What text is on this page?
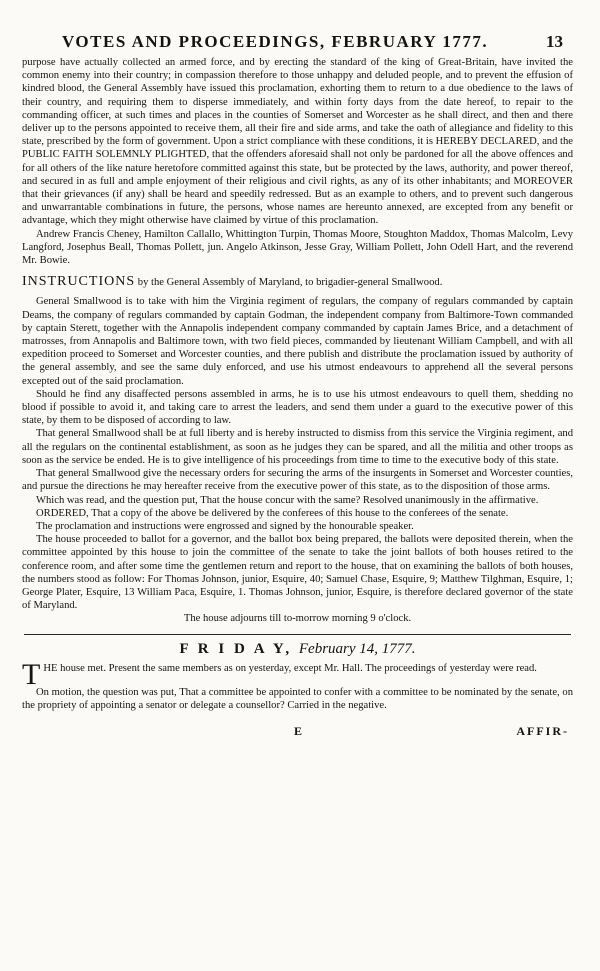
VOTES AND PROCEEDINGS, FEBRUARY 1777.	13

purpose have actually collected an armed force, and by erecting the standard of the king of Great-Britain, have invited the common enemy into their country; in compassion therefore to those unhappy and deluded people, and to prevent the effusion of kindred blood, the General Assembly have issued this proclamation, exhorting them to return to a due obedience to the laws of their country, and requiring them to disperse immediately, and within forty days from the date hereof, to repair to the commanding officer, at such times and places in the counties of Somerset and Worcester as he shall direct, and then and there deliver up to the persons appointed to receive them, all their fire and side arms, and take the oath of allegiance and fidelity to this state, prescribed by the form of government. Upon a strict compliance with these conditions, it is HEREBY DECLARED, and the PUBLIC FAITH SOLEMNLY PLIGHTED, that the offenders aforesaid shall not only be pardoned for all the above offences and for all others of the like nature heretofore committed against this state, but be protected by the laws, authority, and power thereof, and secured in as full and ample enjoyment of their religious and civil rights, as any of its other inhabitants; and MOREOVER that their grievances (if any) shall be heard and speedily redressed. But as an example to others, and to prevent such dangerous and unwarrantable combinations in future, the persons, whose names are hereunto annexed, are excepted from any benefit or advantage, which they might otherwise have claimed by virtue of this proclamation.

Andrew Francis Cheney, Hamilton Callallo, Whittington Turpin, Thomas Moore, Stoughton Maddox, Thomas Malcolm, Levy Langford, Josephus Beall, Thomas Pollett, jun. Angelo Atkinson, Jesse Gray, William Pollett, John Odell Hart, and the reverend Mr. Bowie.

INSTRUCTIONS by the General Assembly of Maryland, to brigadier-general Smallwood.

General Smallwood is to take with him the Virginia regiment of regulars, the company of regulars commanded by captain Deams, the company of regulars commanded by captain Godman, the independent company from Baltimore-Town commanded by captain Sterett, together with the Annapolis independent company commanded by captain James Brice, and a detachment of matrosses, from Annapolis and Baltimore town, with two field pieces, commanded by lieutenant William Campbell, and with all expedition proceed to Somerset and Worcester counties, and there publish and distribute the proclamation issued by authority of the general assembly, and see the same duly enforced, and use his utmost endeavours to apprehend all the several persons excepted out of the said proclamation.

Should he find any disaffected persons assembled in arms, he is to use his utmost endeavours to quell them, shedding no blood if possible to avoid it, and taking care to arrest the leaders, and send them under a guard to the executive power of this state, by them to be disposed of according to law.

That general Smallwood shall be at full liberty and is hereby instructed to dismiss from this service the Virginia regiment, and all the regulars on the continental establishment, as soon as he judges they can be spared, and all the militia and other troops as soon as the service be ended. He is to give intelligence of his proceedings from time to time to the executive body of this state.

That general Smallwood give the necessary orders for securing the arms of the insurgents in Somerset and Worcester counties, and pursue the directions he may hereafter receive from the executive power of this state, as to the disposition of those arms.

Which was read, and the question put, That the house concur with the same? Resolved unanimously in the affirmative.

ORDERED, That a copy of the above be delivered by the conferees of this house to the conferees of the senate.

The proclamation and instructions were engrossed and signed by the honourable speaker.

The house proceeded to ballot for a governor, and the ballot box being prepared, the ballots were deposited therein, when the committee appointed by this house to join the committee of the senate to take the joint ballots of both houses retired to the conference room, and after some time the gentlemen return and report to the house, that on examining the ballots of both houses, the numbers stood as follow: For Thomas Johnson, junior, Esquire, 40; Samuel Chase, Esquire, 9; Matthew Tilghman, Esquire, 1; George Plater, Esquire, 13 William Paca, Esquire, 1. Thomas Johnson, junior, Esquire, is therefore declared governor of the state of Maryland.

The house adjourns till to-morrow morning 9 o'clock.

F R I D A Y, February 14, 1777.

THE house met. Present the same members as on yesterday, except Mr. Hall. The proceedings of yesterday were read.

On motion, the question was put, That a committee be appointed to confer with a committee to be nominated by the senate, on the propriety of appointing a senator or delegate a counsellor? Carried in the negative.

E	AFFIR-
